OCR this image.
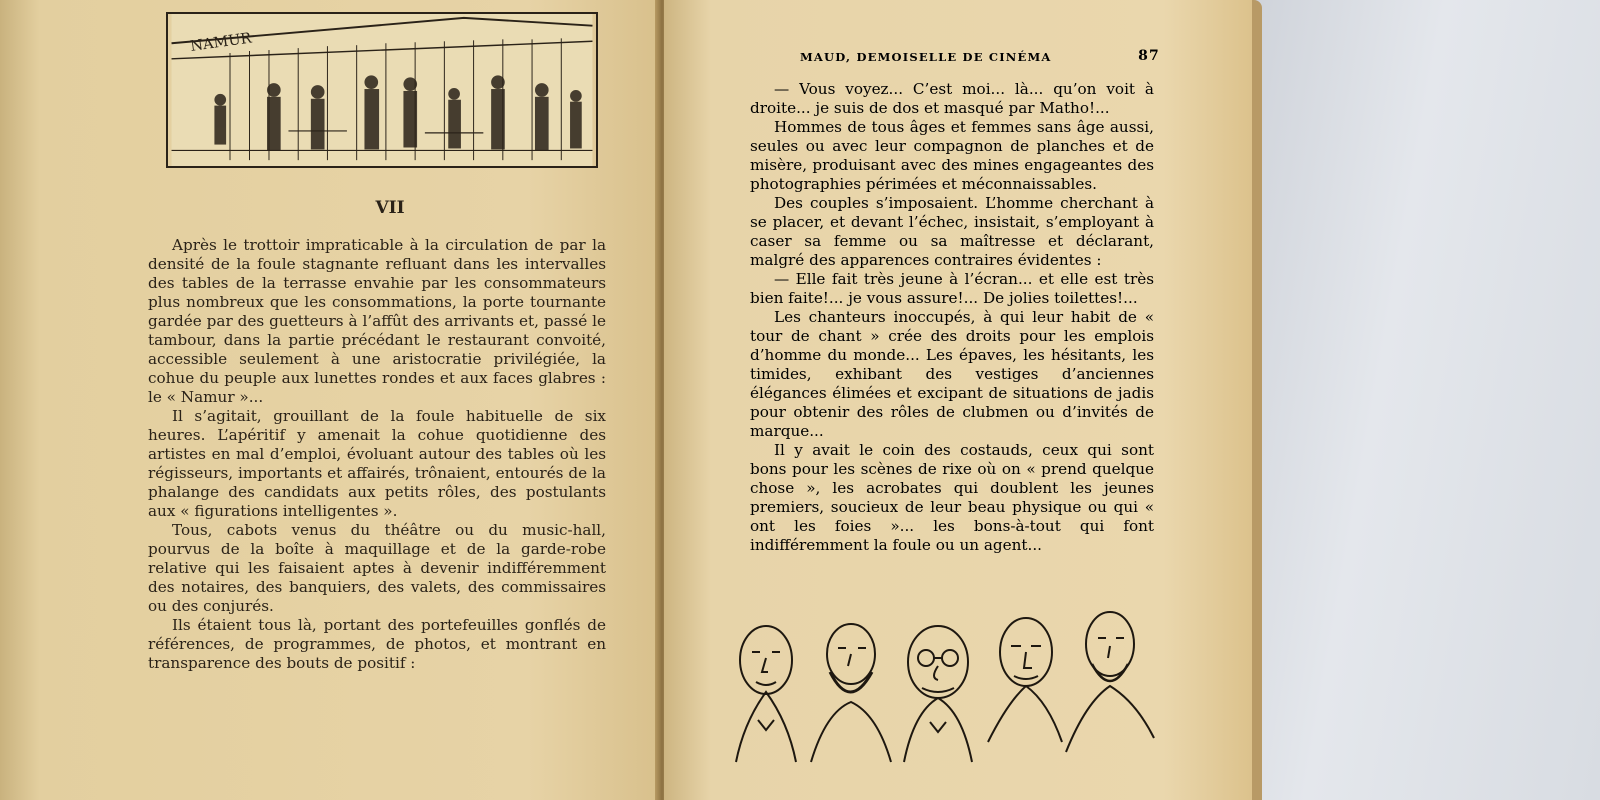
NAMUR
VII

Après le trottoir impraticable à la circulation de par la densité de la foule stagnante refluant dans les intervalles des tables de la terrasse envahie par les consommateurs plus nombreux que les consommations, la porte tournante gardée par des guetteurs à l’affût des arrivants et, passé le tambour, dans la partie précédant le restaurant convoité, accessible seulement à une aristocratie privilégiée, la cohue du peuple aux lunettes rondes et aux faces glabres : le « Namur »...

Il s’agitait, grouillant de la foule habituelle de six heures. L’apéritif y amenait la cohue quotidienne des artistes en mal d’emploi, évoluant autour des tables où les régisseurs, importants et affairés, trônaient, entourés de la phalange des candidats aux petits rôles, des postulants aux « figurations intelligentes ».

Tous, cabots venus du théâtre ou du music-hall, pourvus de la boîte à maquillage et de la garde-robe relative qui les faisaient aptes à devenir indifféremment des notaires, des banquiers, des valets, des commissaires ou des conjurés.

Ils étaient tous là, portant des portefeuilles gonflés de références, de programmes, de photos, et montrant en transparence des bouts de positif :

MAUD, DEMOISELLE DE CINÉMA	87

— Vous voyez... C’est moi... là... qu’on voit à droite... je suis de dos et masqué par Matho!...

Hommes de tous âges et femmes sans âge aussi, seules ou avec leur compagnon de planches et de misère, produisant avec des mines engageantes des photographies périmées et méconnaissables.

Des couples s’imposaient. L’homme cherchant à se placer, et devant l’échec, insistait, s’employant à caser sa femme ou sa maîtresse et déclarant, malgré des apparences contraires évidentes :

— Elle fait très jeune à l’écran... et elle est très bien faite!... je vous assure!... De jolies toilettes!...

Les chanteurs inoccupés, à qui leur habit de « tour de chant » crée des droits pour les emplois d’homme du monde... Les épaves, les hésitants, les timides, exhibant des vestiges d’anciennes élégances élimées et excipant de situations de jadis pour obtenir des rôles de clubmen ou d’invités de marque...

Il y avait le coin des costauds, ceux qui sont bons pour les scènes de rixe où on « prend quelque chose », les acrobates qui doublent les jeunes premiers, soucieux de leur beau physique ou qui « ont les foies »... les bons-à-tout qui font indifféremment la foule ou un agent...
